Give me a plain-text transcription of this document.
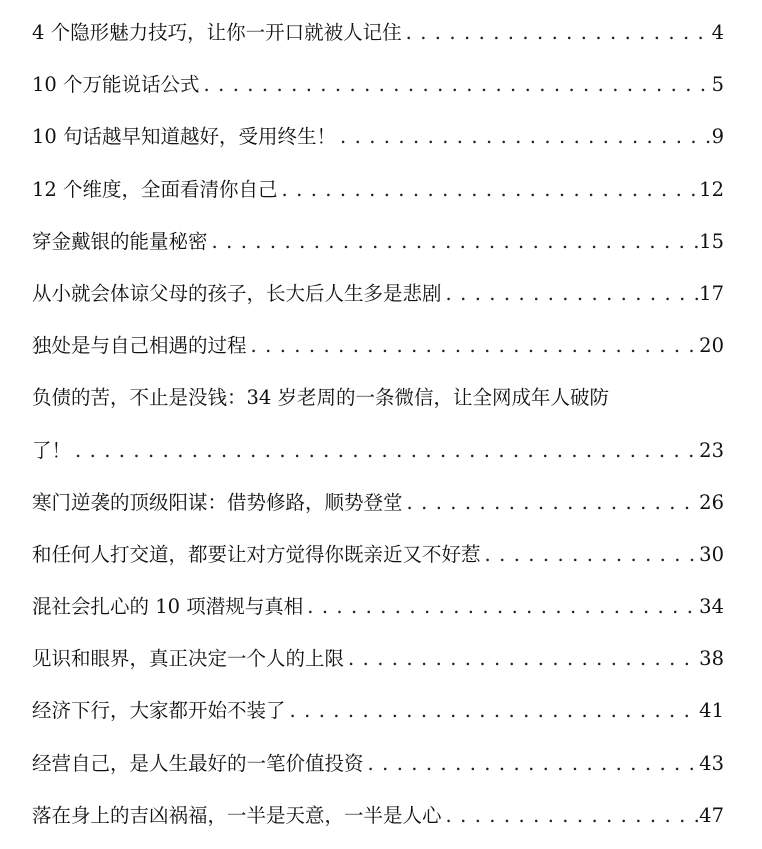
4 个隐形魅力技巧，让你一开口就被人记住 . . .	4
10 个万能说话公式 . . .	5
10 句话越早知道越好，受用终生！ . . .	9
12 个维度，全面看清你自己 . . .	12
穿金戴银的能量秘密 . . .	15
从小就会体谅父母的孩子，长大后人生多是悲剧 . . .	17
独处是与自己相遇的过程 . . .	20
负债的苦，不止是没钱：34 岁老周的一条微信，让全网成年人破防
了！ . . .	23
寒门逆袭的顶级阳谋：借势修路，顺势登堂 . . .	26
和任何人打交道，都要让对方觉得你既亲近又不好惹 . . .	30
混社会扎心的 10 项潜规与真相 . . .	34
见识和眼界，真正决定一个人的上限 . . .	38
经济下行，大家都开始不装了 . . .	41
经营自己，是人生最好的一笔价值投资 . . .	43
落在身上的吉凶祸福，一半是天意，一半是人心 . . .	47
